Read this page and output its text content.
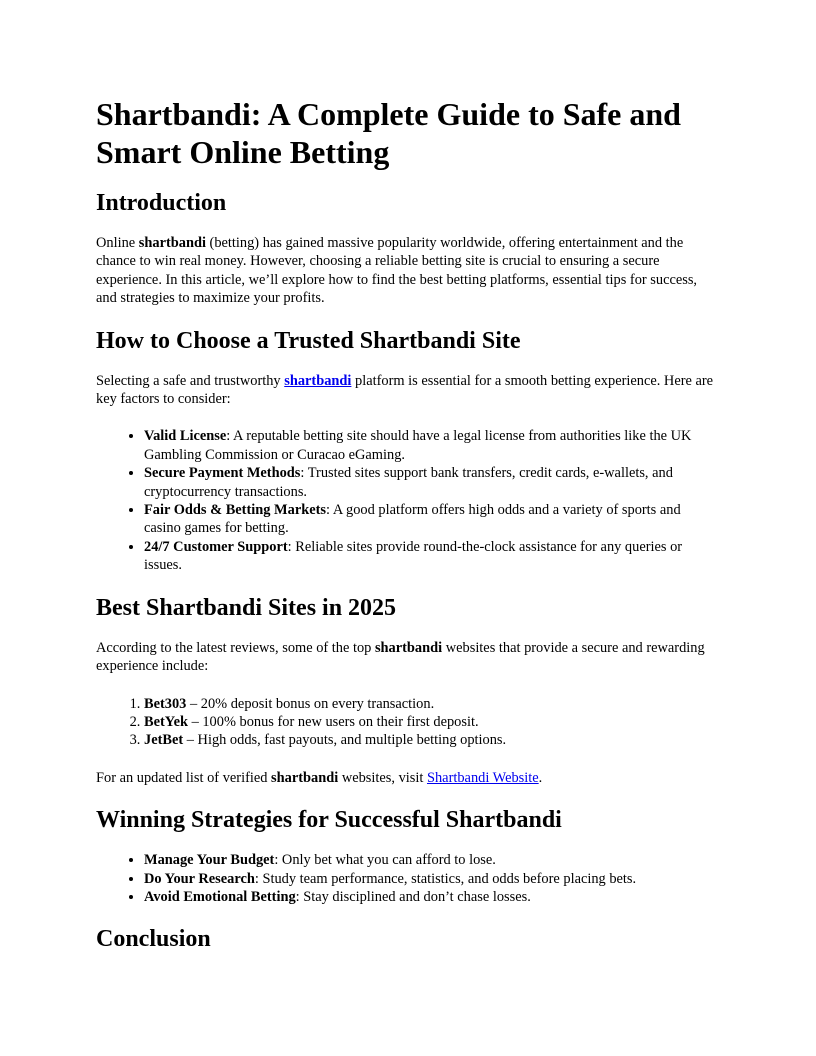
Shartbandi: A Complete Guide to Safe and Smart Online Betting
Introduction

Online shartbandi (betting) has gained massive popularity worldwide, offering entertainment and the chance to win real money. However, choosing a reliable betting site is crucial to ensuring a secure experience. In this article, we’ll explore how to find the best betting platforms, essential tips for success, and strategies to maximize your profits.

How to Choose a Trusted Shartbandi Site

Selecting a safe and trustworthy shartbandi platform is essential for a smooth betting experience. Here are key factors to consider:

• Valid License: A reputable betting site should have a legal license from authorities like the UK Gambling Commission or Curacao eGaming.
• Secure Payment Methods: Trusted sites support bank transfers, credit cards, e-wallets, and cryptocurrency transactions.
• Fair Odds & Betting Markets: A good platform offers high odds and a variety of sports and casino games for betting.
• 24/7 Customer Support: Reliable sites provide round-the-clock assistance for any queries or issues.
Best Shartbandi Sites in 2025

According to the latest reviews, some of the top shartbandi websites that provide a secure and rewarding experience include:

1. Bet303 – 20% deposit bonus on every transaction.
2. BetYek – 100% bonus for new users on their first deposit.
3. JetBet – High odds, fast payouts, and multiple betting options.

For an updated list of verified shartbandi websites, visit Shartbandi Website.

Winning Strategies for Successful Shartbandi
• Manage Your Budget: Only bet what you can afford to lose.
• Do Your Research: Study team performance, statistics, and odds before placing bets.
• Avoid Emotional Betting: Stay disciplined and don’t chase losses.
Conclusion
